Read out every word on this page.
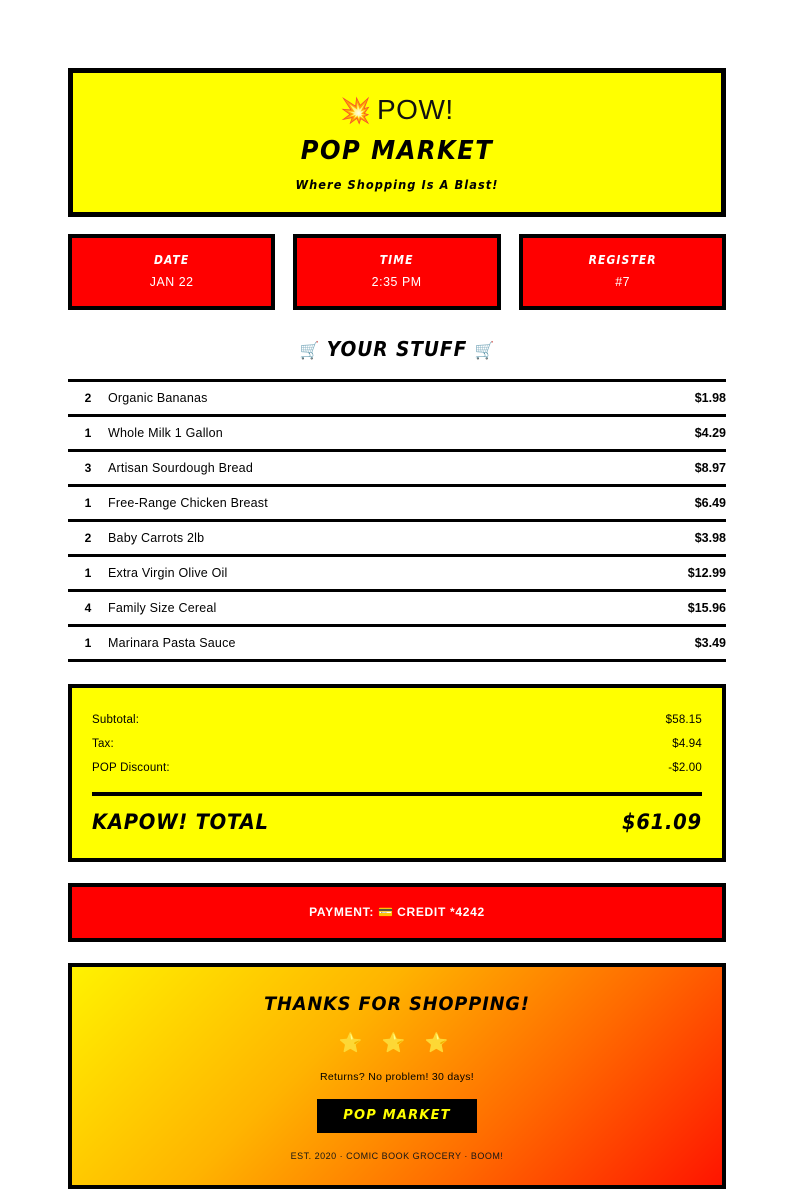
💥 POW!
POP MARKET
Where Shopping Is A Blast!
DATE
JAN 22
TIME
2:35 PM
REGISTER
#7
🛒 YOUR STUFF 🛒
2	Organic Bananas	$1.98
1	Whole Milk 1 Gallon	$4.29
3	Artisan Sourdough Bread	$8.97
1	Free-Range Chicken Breast	$6.49
2	Baby Carrots 2lb	$3.98
1	Extra Virgin Olive Oil	$12.99
4	Family Size Cereal	$15.96
1	Marinara Pasta Sauce	$3.49
Subtotal:	$58.15
Tax:	$4.94
POP Discount:	-$2.00
KAPOW! TOTAL	$61.09
PAYMENT: 💳 CREDIT *4242
THANKS FOR SHOPPING!
⭐ ⭐ ⭐
Returns? No problem! 30 days!
POP MARKET
EST. 2020 · COMIC BOOK GROCERY · BOOM!
